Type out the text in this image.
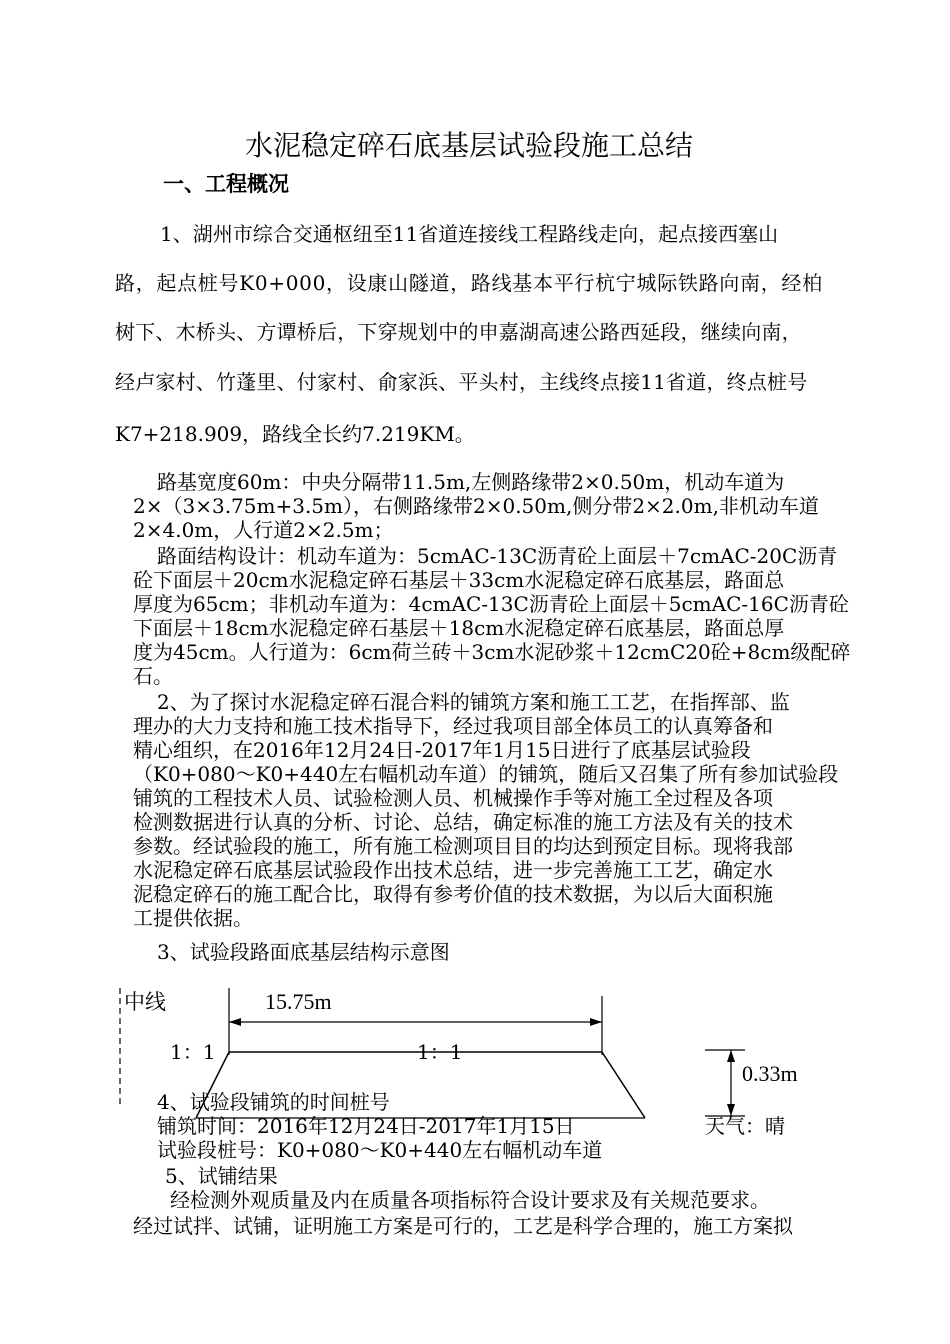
水泥稳定碎石底基层试验段施工总结
一、工程概况
1、湖州市综合交通枢纽至11省道连接线工程路线走向，起点接西塞山
路，起点桩号K0+000，设康山隧道，路线基本平行杭宁城际铁路向南，经柏
树下、木桥头、方谭桥后，下穿规划中的申嘉湖高速公路西延段，继续向南，
经卢家村、竹蓬里、付家村、俞家浜、平头村，主线终点接11省道，终点桩号
K7+218.909，路线全长约7.219KM。
路基宽度60m：中央分隔带11.5m,左侧路缘带2×0.50m，机动车道为
2×（3×3.75m+3.5m），右侧路缘带2×0.50m,侧分带2×2.0m,非机动车道
2×4.0m，人行道2×2.5m；
路面结构设计：机动车道为：5cmAC-13C沥青砼上面层＋7cmAC-20C沥青
砼下面层＋20cm水泥稳定碎石基层＋33cm水泥稳定碎石底基层，路面总
厚度为65cm；非机动车道为：4cmAC-13C沥青砼上面层＋5cmAC-16C沥青砼
下面层＋18cm水泥稳定碎石基层＋18cm水泥稳定碎石底基层，路面总厚
度为45cm。人行道为：6cm荷兰砖＋3cm水泥砂浆＋12cmC20砼+8cm级配碎
石。
2、为了探讨水泥稳定碎石混合料的铺筑方案和施工工艺，在指挥部、监
理办的大力支持和施工技术指导下，经过我项目部全体员工的认真筹备和
精心组织，在2016年12月24日-2017年1月15日进行了底基层试验段
（K0+080～K0+440左右幅机动车道）的铺筑，随后又召集了所有参加试验段
铺筑的工程技术人员、试验检测人员、机械操作手等对施工全过程及各项
检测数据进行认真的分析、讨论、总结，确定标准的施工方法及有关的技术
参数。经试验段的施工，所有施工检测项目目的均达到预定目标。现将我部
水泥稳定碎石底基层试验段作出技术总结，进一步完善施工工艺，确定水
泥稳定碎石的施工配合比，取得有参考价值的技术数据，为以后大面积施
工提供依据。
3、试验段路面底基层结构示意图
中线	15.75m
1：1	1：1
0.33m
4、试验段铺筑的时间桩号
铺筑时间：2016年12月24日-2017年1月15日	天气：晴
试验段桩号：K0+080～K0+440左右幅机动车道
5、试铺结果
经检测外观质量及内在质量各项指标符合设计要求及有关规范要求。
经过试拌、试铺，证明施工方案是可行的，工艺是科学合理的，施工方案拟
